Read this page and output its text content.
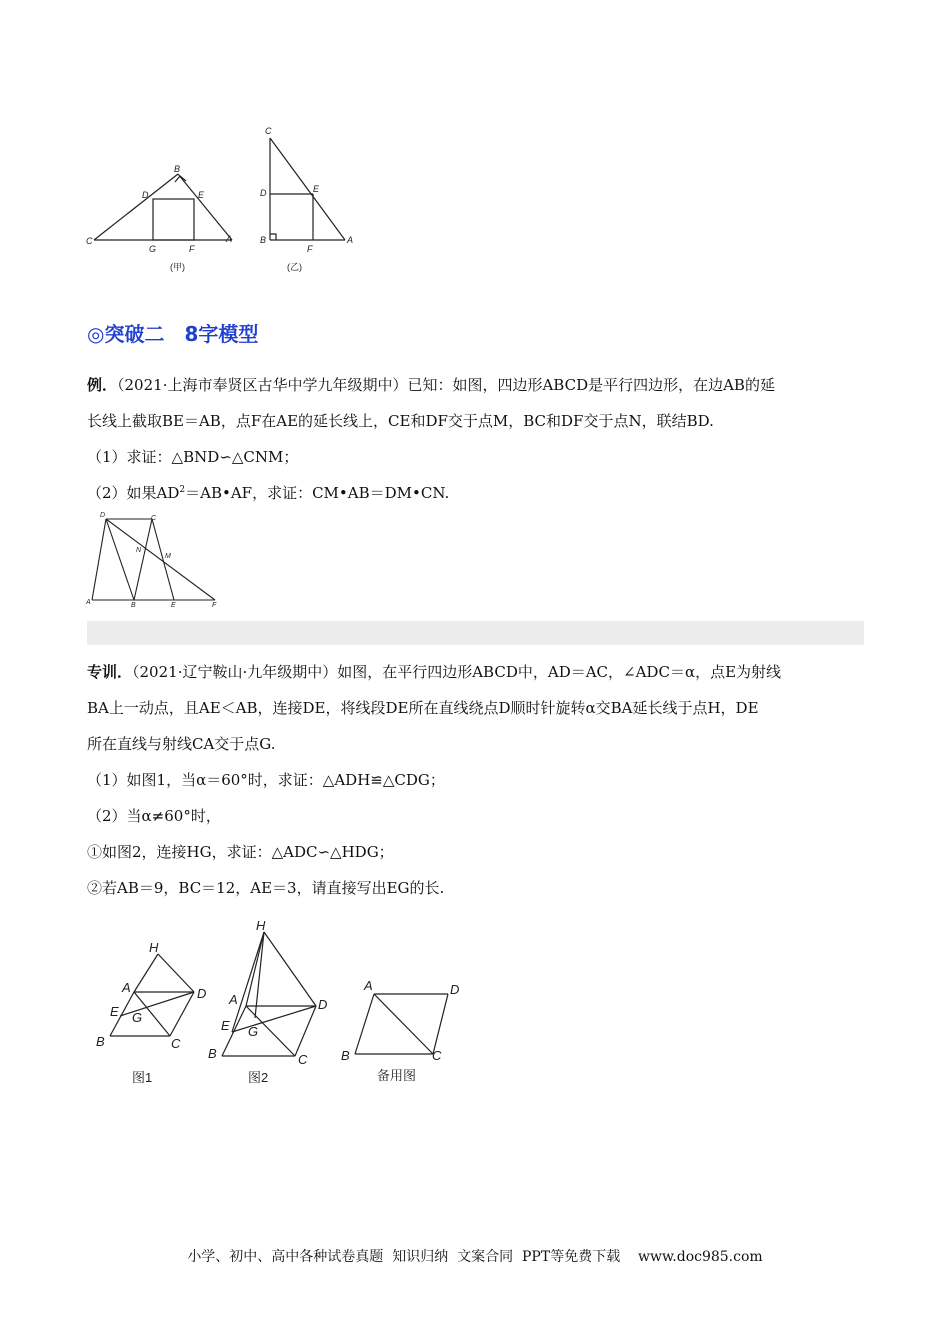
B
D	E
C
G	F
A
(甲)
C
D	E
B
F
A
(乙)
◎突破二　8字模型
例．（2021·上海市奉贤区古华中学九年级期中）已知：如图，四边形ABCD是平行四边形，在边AB的延
长线上截取BE＝AB，点F在AE的延长线上，CE和DF交于点M，BC和DF交于点N，联结BD.
（1）求证：△BND∽△CNM；
（2）如果$AD^2=AB•AF$，求证：CM•AB＝DM•CN.
D	C
N
M
A	B	E	F
专训．（2021·辽宁鞍山·九年级期中）如图，在平行四边形ABCD中，AD＝AC，∠ADC＝α，点E为射线
BA上一动点，且AE＜AB，连接DE，将线段DE所在直线绕点D顺时针旋转α交BA延长线于点H，DE
所在直线与射线CA交于点G.
（1）如图1，当α＝60°时，求证：△ADH≌△CDG；
（2）当α≠60°时，
①如图2，连接HG，求证：△ADC∽△HDG；
②若AB＝9，BC＝12，AE＝3，请直接写出EG的长.
H
A	D
E G
B	C
图1
H
A	D
E G
B	C
图2
A	D
B	C
备用图
小学、初中、高中各种试卷真题  知识归纳  文案合同  PPT等免费下载    www.doc985.com
